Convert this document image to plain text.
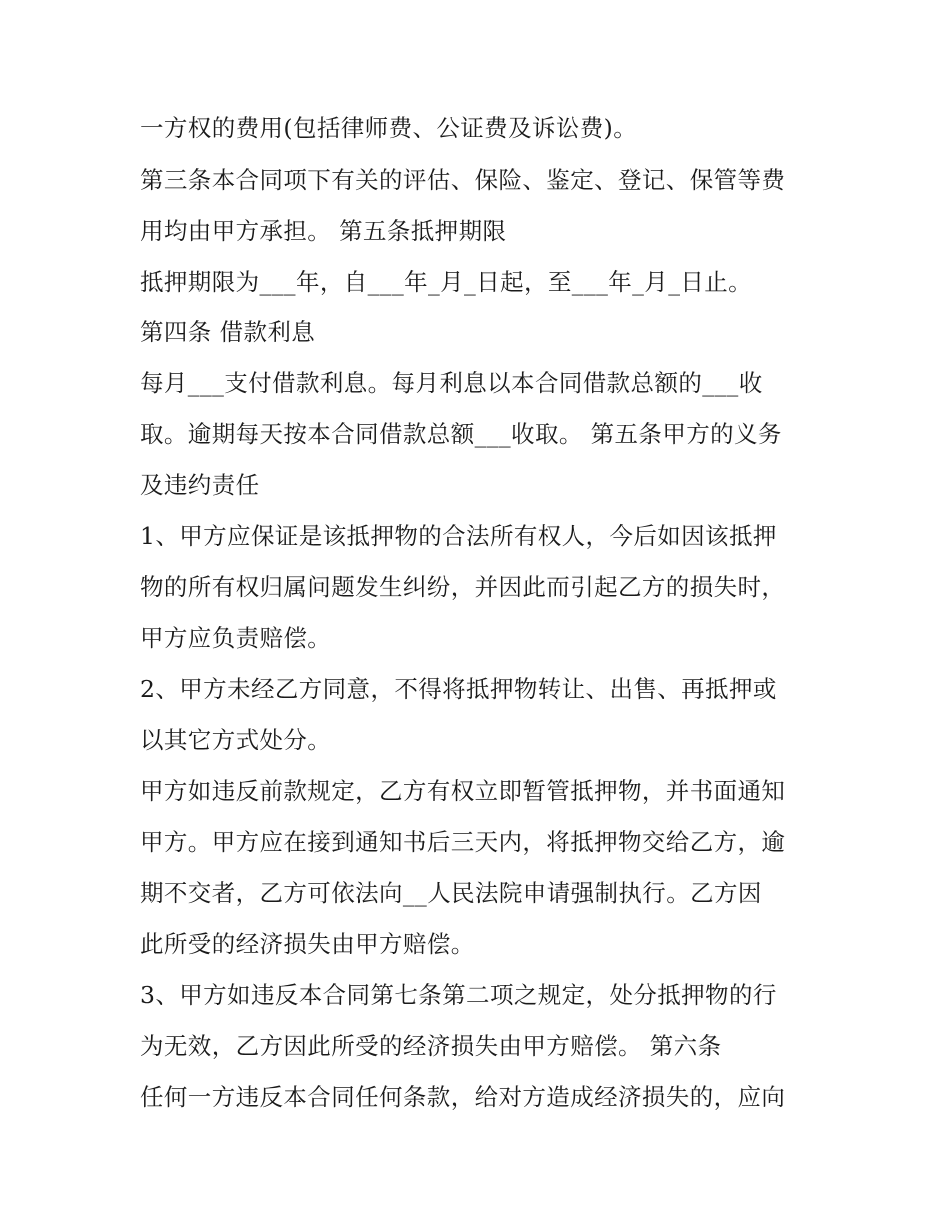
一方权的费用(包括律师费、公证费及诉讼费)。
第三条本合同项下有关的评估、保险、鉴定、登记、保管等费
用均由甲方承担。 第五条抵押期限
抵押期限为___年，自___年_月_日起，至___年_月_日止。
第四条 借款利息
每月___支付借款利息。每月利息以本合同借款总额的___收
取。逾期每天按本合同借款总额___收取。 第五条甲方的义务
及违约责任
1、甲方应保证是该抵押物的合法所有权人，今后如因该抵押
物的所有权归属问题发生纠纷，并因此而引起乙方的损失时，
甲方应负责赔偿。
2、甲方未经乙方同意，不得将抵押物转让、出售、再抵押或
以其它方式处分。
甲方如违反前款规定，乙方有权立即暂管抵押物，并书面通知
甲方。甲方应在接到通知书后三天内，将抵押物交给乙方，逾
期不交者，乙方可依法向__人民法院申请强制执行。乙方因
此所受的经济损失由甲方赔偿。
3、甲方如违反本合同第七条第二项之规定，处分抵押物的行
为无效，乙方因此所受的经济损失由甲方赔偿。 第六条
任何一方违反本合同任何条款，给对方造成经济损失的，应向
